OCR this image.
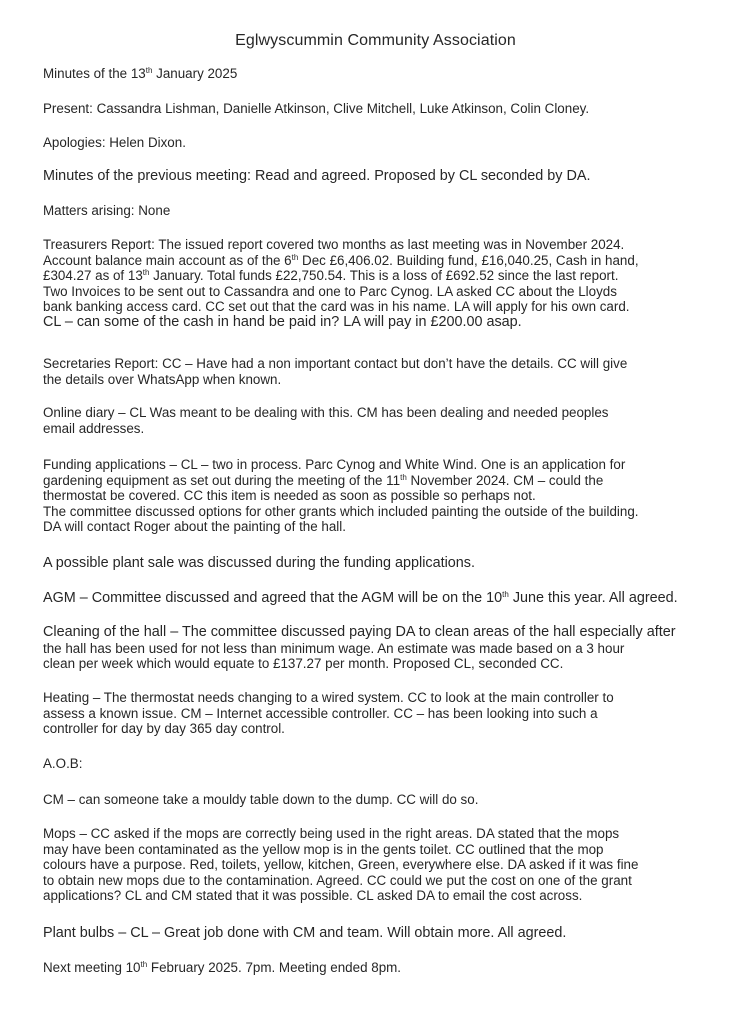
Eglwyscummin Community Association
Minutes of the 13th January 2025
Present: Cassandra Lishman, Danielle Atkinson, Clive Mitchell, Luke Atkinson, Colin Cloney.
Apologies: Helen Dixon.
Minutes of the previous meeting: Read and agreed. Proposed by CL seconded by DA.
Matters arising: None
Treasurers Report: The issued report covered two months as last meeting was in November 2024.
Account balance main account as of the 6th Dec £6,406.02. Building fund, £16,040.25, Cash in hand,
£304.27 as of 13th January. Total funds £22,750.54. This is a loss of £692.52 since the last report.
Two Invoices to be sent out to Cassandra and one to Parc Cynog. LA asked CC about the Lloyds
bank banking access card. CC set out that the card was in his name. LA will apply for his own card.
CL – can some of the cash in hand be paid in? LA will pay in £200.00 asap.
Secretaries Report: CC – Have had a non important contact but don’t have the details. CC will give
the details over WhatsApp when known.
Online diary – CL Was meant to be dealing with this. CM has been dealing and needed peoples
email addresses.
Funding applications – CL – two in process. Parc Cynog and White Wind. One is an application for
gardening equipment as set out during the meeting of the 11th November 2024. CM – could the
thermostat be covered. CC this item is needed as soon as possible so perhaps not.
The committee discussed options for other grants which included painting the outside of the building.
DA will contact Roger about the painting of the hall.
A possible plant sale was discussed during the funding applications.
AGM – Committee discussed and agreed that the AGM will be on the 10th June this year. All agreed.
Cleaning of the hall – The committee discussed paying DA to clean areas of the hall especially after
the hall has been used for not less than minimum wage. An estimate was made based on a 3 hour
clean per week which would equate to £137.27 per month. Proposed CL, seconded CC.
Heating – The thermostat needs changing to a wired system. CC to look at the main controller to
assess a known issue. CM – Internet accessible controller. CC – has been looking into such a
controller for day by day 365 day control.
A.O.B:
CM – can someone take a mouldy table down to the dump. CC will do so.
Mops – CC asked if the mops are correctly being used in the right areas. DA stated that the mops
may have been contaminated as the yellow mop is in the gents toilet. CC outlined that the mop
colours have a purpose. Red, toilets, yellow, kitchen, Green, everywhere else. DA asked if it was fine
to obtain new mops due to the contamination. Agreed. CC could we put the cost on one of the grant
applications? CL and CM stated that it was possible. CL asked DA to email the cost across.
Plant bulbs – CL – Great job done with CM and team. Will obtain more. All agreed.
Next meeting 10th February 2025. 7pm. Meeting ended 8pm.
